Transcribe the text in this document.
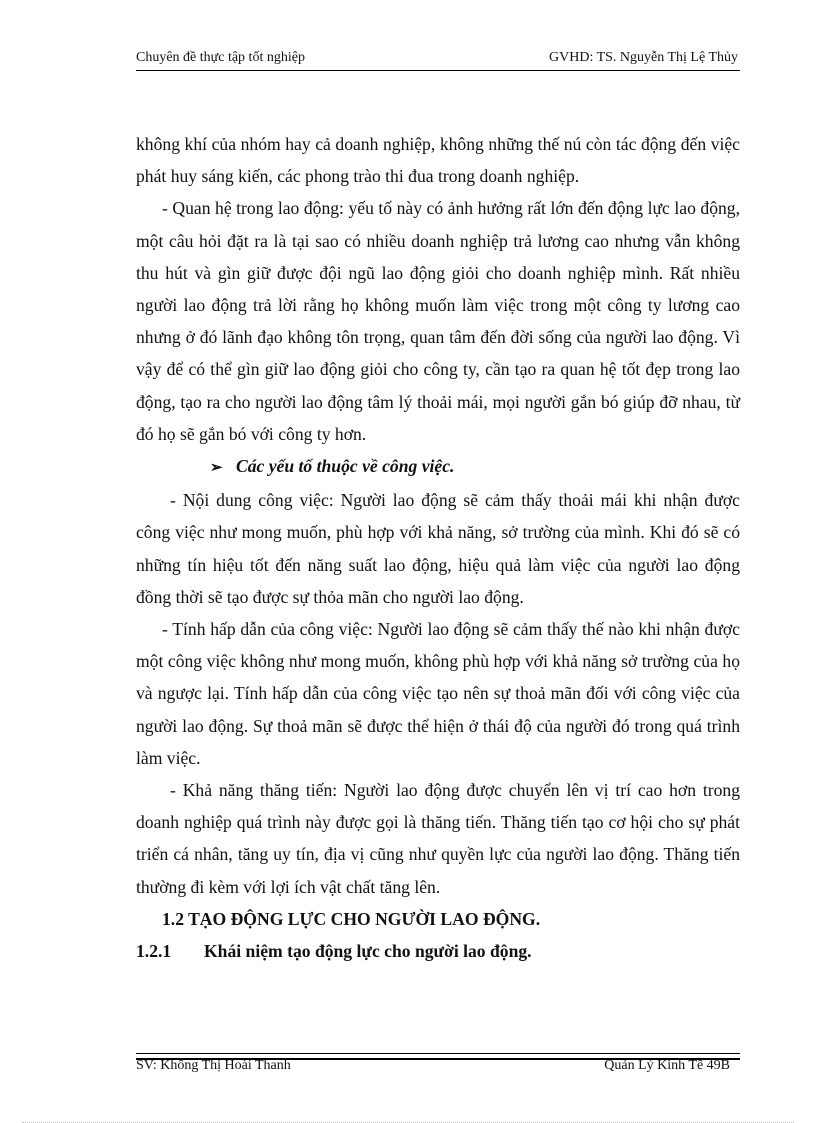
Chuyên đề thực tập tốt nghiệp	GVHD: TS. Nguyễn Thị Lệ Thủy

không khí của nhóm hay cả doanh nghiệp, không những thế nú còn tác động đến việc phát huy sáng kiến, các phong trào thi đua trong doanh nghiệp.

- Quan hệ trong lao động: yếu tố này có ảnh hưởng rất lớn đến động lực lao động, một câu hỏi đặt ra là tại sao có nhiều doanh nghiệp trả lương cao nhưng vẫn không thu hút và gìn giữ được đội ngũ lao động giỏi cho doanh nghiệp mình. Rất nhiều người lao động trả lời rằng họ không muốn làm việc trong một công ty lương cao nhưng ở đó lãnh đạo không tôn trọng, quan tâm đến đời sống của người lao động. Vì vậy để có thể gìn giữ lao động giỏi cho công ty, cần tạo ra quan hệ tốt đẹp trong lao động, tạo ra cho người lao động tâm lý thoải mái, mọi người gắn bó giúp đỡ nhau, từ đó họ sẽ gắn bó với công ty hơn.

➢ Các yếu tố thuộc về công việc.

- Nội dung công việc: Người lao động sẽ cảm thấy thoải mái khi nhận được công việc như mong muốn, phù hợp với khả năng, sở trường của mình. Khi đó sẽ có những tín hiệu tốt đến năng suất lao động, hiệu quả làm việc của người lao động đồng thời sẽ tạo được sự thỏa mãn cho người lao động.

- Tính hấp dẫn của công việc: Người lao động sẽ cảm thấy thế nào khi nhận được một công việc không như mong muốn, không phù hợp với khả năng sở trường của họ và ngược lại. Tính hấp dẫn của công việc tạo nên sự thoả mãn đối với công việc của người lao động. Sự thoả mãn sẽ được thể hiện ở thái độ của người đó trong quá trình làm việc.

- Khả năng thăng tiến: Người lao động được chuyển lên vị trí cao hơn trong doanh nghiệp quá trình này được gọi là thăng tiến. Thăng tiến tạo cơ hội cho sự phát triển cá nhân, tăng uy tín, địa vị cũng như quyền lực của người lao động. Thăng tiến thường đi kèm với lợi ích vật chất tăng lên.

1.2 TẠO ĐỘNG LỰC CHO NGƯỜI LAO ĐỘNG.

1.2.1 Khái niệm tạo động lực cho người lao động.

SV: Khổng Thị Hoài Thanh	Quản Lý Kinh Tế 49B
